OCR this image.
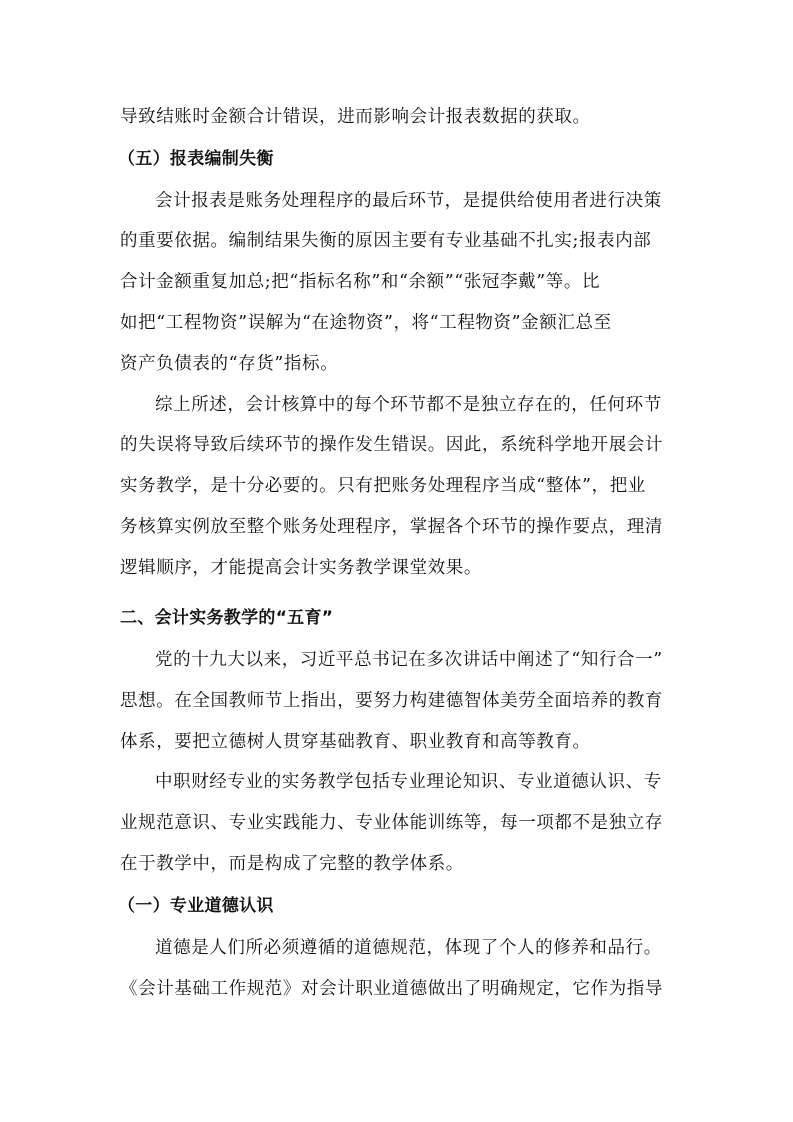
导致结账时金额合计错误，进而影响会计报表数据的获取。
（五）报表编制失衡
会计报表是账务处理程序的最后环节，是提供给使用者进行决策
的重要依据。编制结果失衡的原因主要有专业基础不扎实;报表内部
合计金额重复加总;把“指标名称”和“余额”“张冠李戴”等。比
如把“工程物资”误解为“在途物资”，将“工程物资”金额汇总至
资产负债表的“存货”指标。
综上所述，会计核算中的每个环节都不是独立存在的，任何环节
的失误将导致后续环节的操作发生错误。因此，系统科学地开展会计
实务教学，是十分必要的。只有把账务处理程序当成“整体”，把业
务核算实例放至整个账务处理程序，掌握各个环节的操作要点，理清
逻辑顺序，才能提高会计实务教学课堂效果。
二、会计实务教学的“五育”
党的十九大以来，习近平总书记在多次讲话中阐述了“知行合一”
思想。在全国教师节上指出，要努力构建德智体美劳全面培养的教育
体系，要把立德树人贯穿基础教育、职业教育和高等教育。
中职财经专业的实务教学包括专业理论知识、专业道德认识、专
业规范意识、专业实践能力、专业体能训练等，每一项都不是独立存
在于教学中，而是构成了完整的教学体系。
（一）专业道德认识
道德是人们所必须遵循的道德规范，体现了个人的修养和品行。
《会计基础工作规范》对会计职业道德做出了明确规定，它作为指导
